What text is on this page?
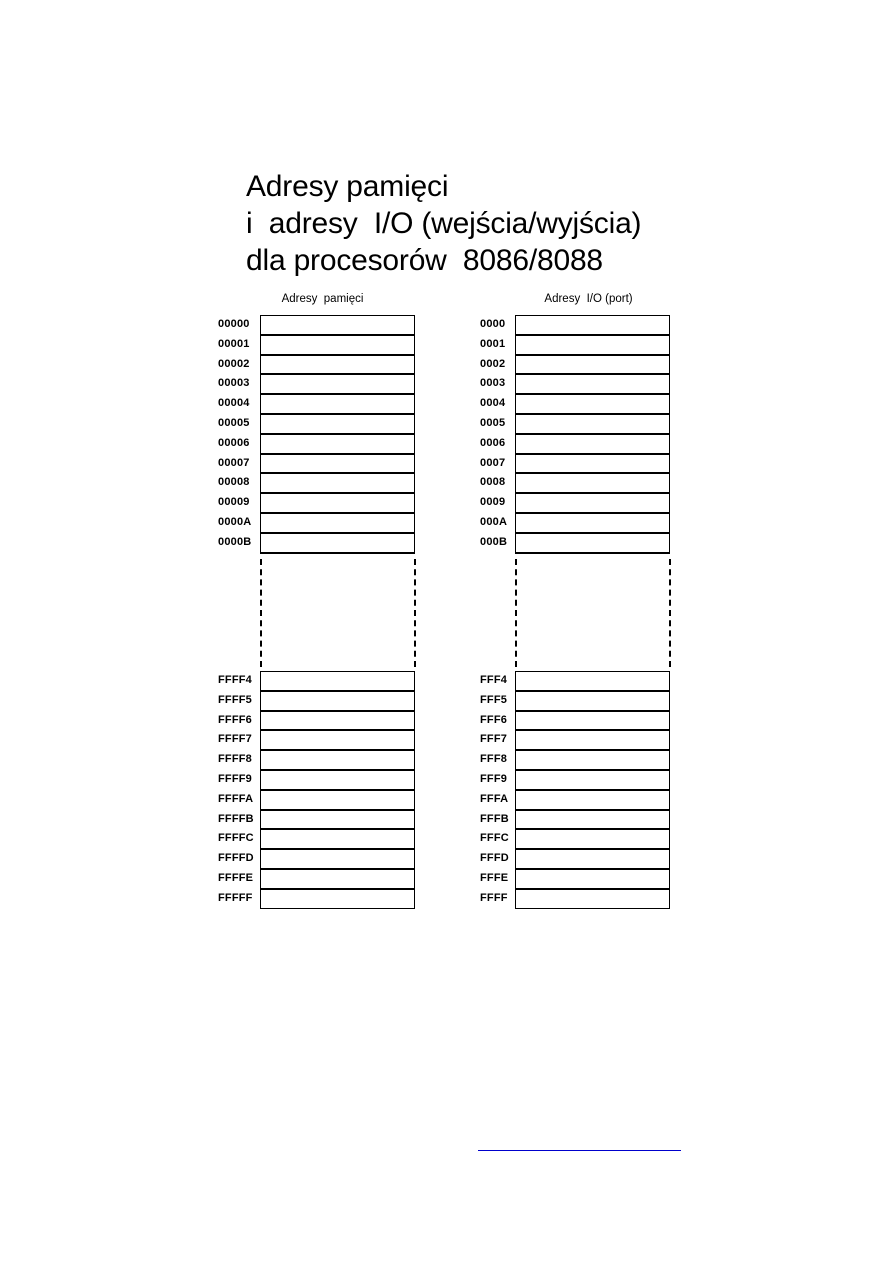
Adresy pamięci
i  adresy  I/O (wejścia/wyjścia)
dla procesorów  8086/8088
Adresy  pamięci	Adresy  I/O (port)
00000
00001
00002
00003
00004
00005
00006
00007
00008
00009
0000A
0000B
FFFF4
FFFF5
FFFF6
FFFF7
FFFF8
FFFF9
FFFFA
FFFFB
FFFFC
FFFFD
FFFFE
FFFFF
0000
0001
0002
0003
0004
0005
0006
0007
0008
0009
000A
000B
FFF4
FFF5
FFF6
FFF7
FFF8
FFF9
FFFA
FFFB
FFFC
FFFD
FFFE
FFFF
